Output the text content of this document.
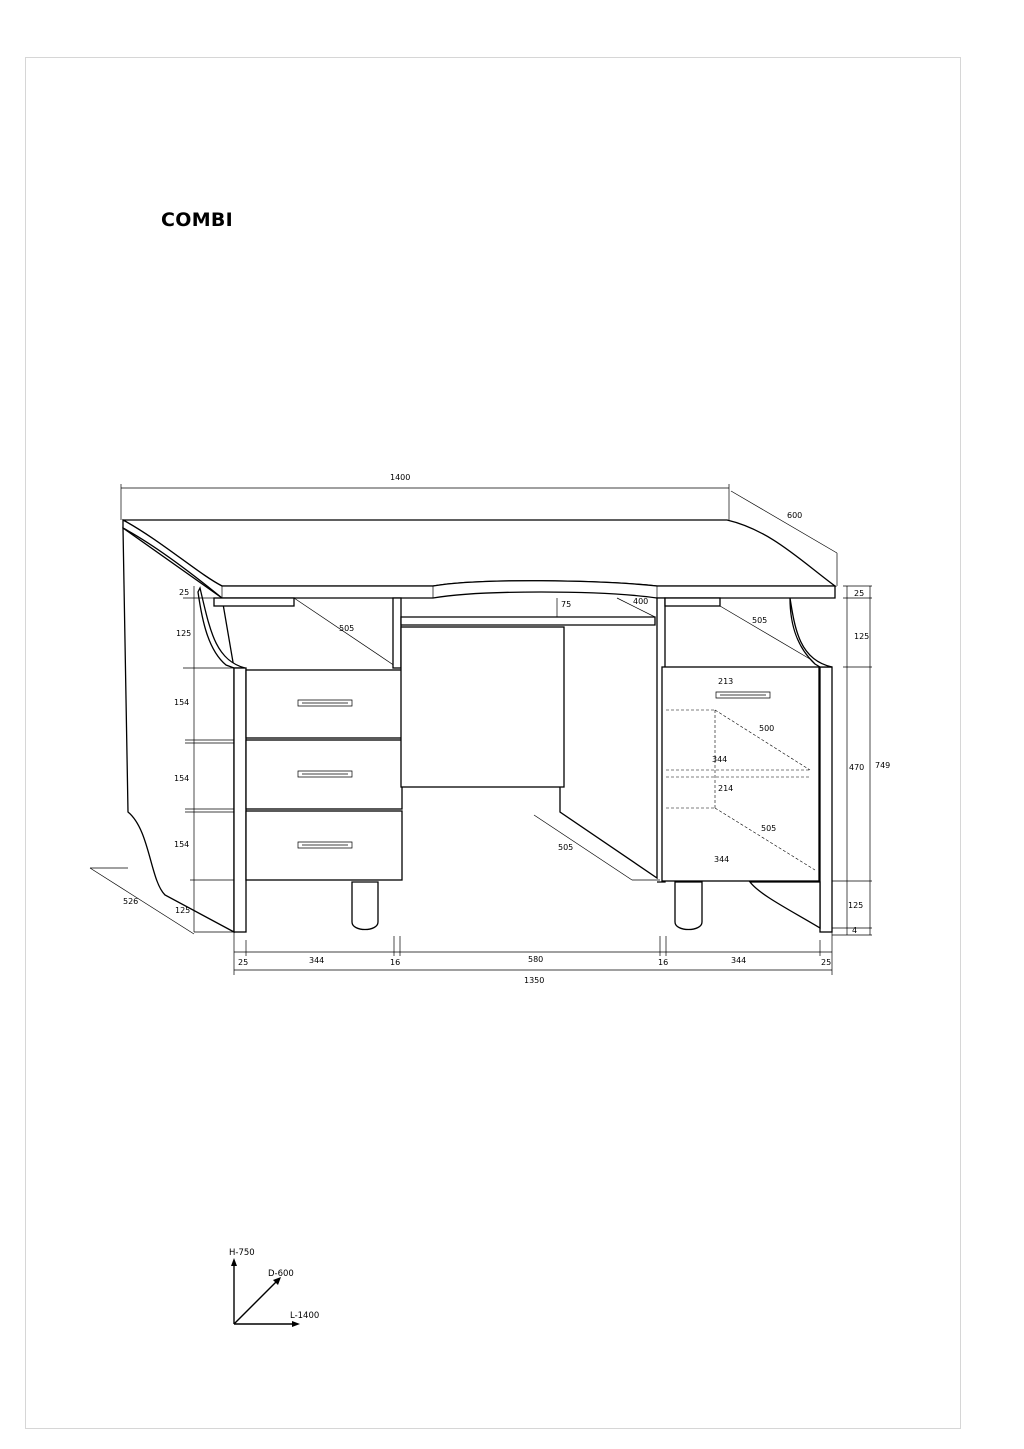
COMBI
1400
600
25	25
125	125
505
505
75	400
154
154
154
526
125
505
213
500
344
214
505
344
470 749
125
4
25	344	16	580	16	344	25
1350
H-750
D-600
L-1400
